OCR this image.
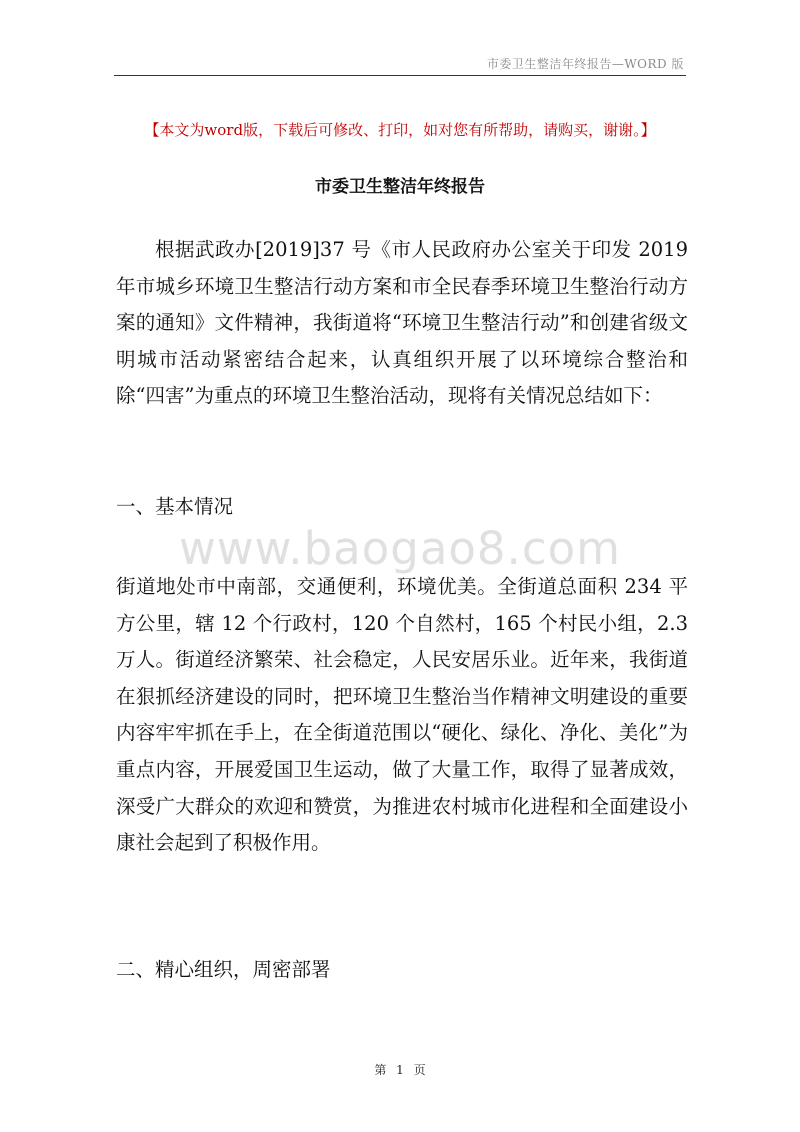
市委卫生整洁年终报告—WORD 版
【本文为word版，下载后可修改、打印，如对您有所帮助，请购买，谢谢。】
市委卫生整洁年终报告

根据武政办[2019]37 号《市人民政府办公室关于印发 2019 年市城乡环境卫生整洁行动方案和市全民春季环境卫生整治行动方案的通知》文件精神，我街道将“环境卫生整洁行动”和创建省级文明城市活动紧密结合起来，认真组织开展了以环境综合整治和除“四害”为重点的环境卫生整治活动，现将有关情况总结如下：

一、基本情况
www.baogao8.com

街道地处市中南部，交通便利，环境优美。全街道总面积 234 平方公里，辖 12 个行政村，120 个自然村，165 个村民小组，2.3 万人。街道经济繁荣、社会稳定，人民安居乐业。近年来，我街道在狠抓经济建设的同时，把环境卫生整治当作精神文明建设的重要内容牢牢抓在手上，在全街道范围以“硬化、绿化、净化、美化”为重点内容，开展爱国卫生运动，做了大量工作，取得了显著成效，深受广大群众的欢迎和赞赏，为推进农村城市化进程和全面建设小康社会起到了积极作用。

二、精心组织，周密部署
第 1 页
